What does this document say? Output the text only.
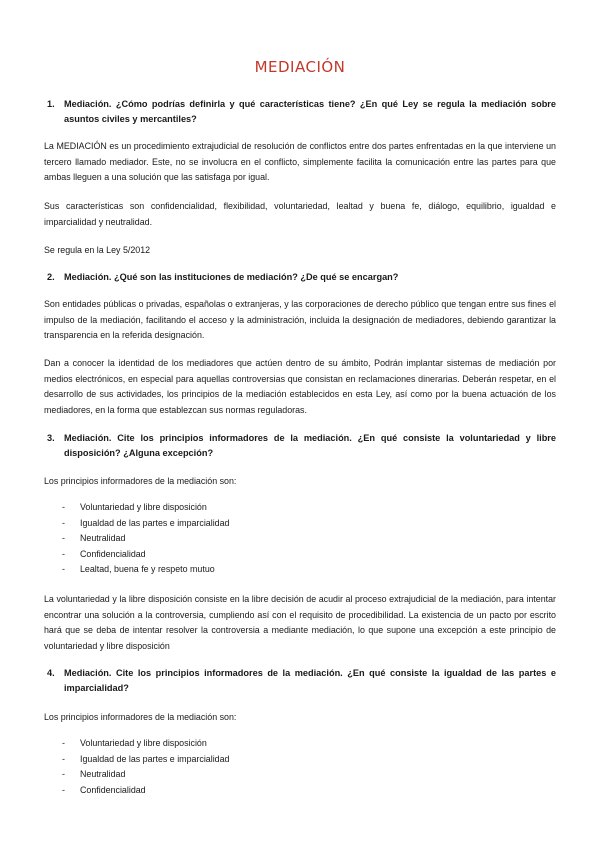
MEDIACIÓN
1. Mediación. ¿Cómo podrías definirla y qué características tiene? ¿En qué Ley se regula la mediación sobre asuntos civiles y mercantiles?
La MEDIACIÓN es un procedimiento extrajudicial de resolución de conflictos entre dos partes enfrentadas en la que interviene un tercero llamado mediador. Este, no se involucra en el conflicto, simplemente facilita la comunicación entre las partes para que ambas lleguen a una solución que las satisfaga por igual.
Sus características son confidencialidad, flexibilidad, voluntariedad, lealtad y buena fe, diálogo, equilibrio, igualdad e imparcialidad y neutralidad.
Se regula en la Ley 5/2012
2. Mediación. ¿Qué son las instituciones de mediación? ¿De qué se encargan?
Son entidades públicas o privadas, españolas o extranjeras, y las corporaciones de derecho público que tengan entre sus fines el impulso de la mediación, facilitando el acceso y la administración, incluida la designación de mediadores, debiendo garantizar la transparencia en la referida designación.
Dan a conocer la identidad de los mediadores que actúen dentro de su ámbito, Podrán implantar sistemas de mediación por medios electrónicos, en especial para aquellas controversias que consistan en reclamaciones dinerarias. Deberán respetar, en el desarrollo de sus actividades, los principios de la mediación establecidos en esta Ley, así como por la buena actuación de los mediadores, en la forma que establezcan sus normas reguladoras.
3. Mediación. Cite los principios informadores de la mediación. ¿En qué consiste la voluntariedad y libre disposición? ¿Alguna excepción?
Los principios informadores de la mediación son:
- Voluntariedad y libre disposición
- Igualdad de las partes e imparcialidad
- Neutralidad
- Confidencialidad
- Lealtad, buena fe y respeto mutuo
La voluntariedad y la libre disposición consiste en la libre decisión de acudir al proceso extrajudicial de la mediación, para intentar encontrar una solución a la controversia, cumpliendo así con el requisito de procedibilidad. La existencia de un pacto por escrito hará que se deba de intentar resolver la controversia a mediante mediación, lo que supone una excepción a este principio de voluntariedad y libre disposición
4. Mediación. Cite los principios informadores de la mediación. ¿En qué consiste la igualdad de las partes e imparcialidad?
Los principios informadores de la mediación son:
- Voluntariedad y libre disposición
- Igualdad de las partes e imparcialidad
- Neutralidad
- Confidencialidad
